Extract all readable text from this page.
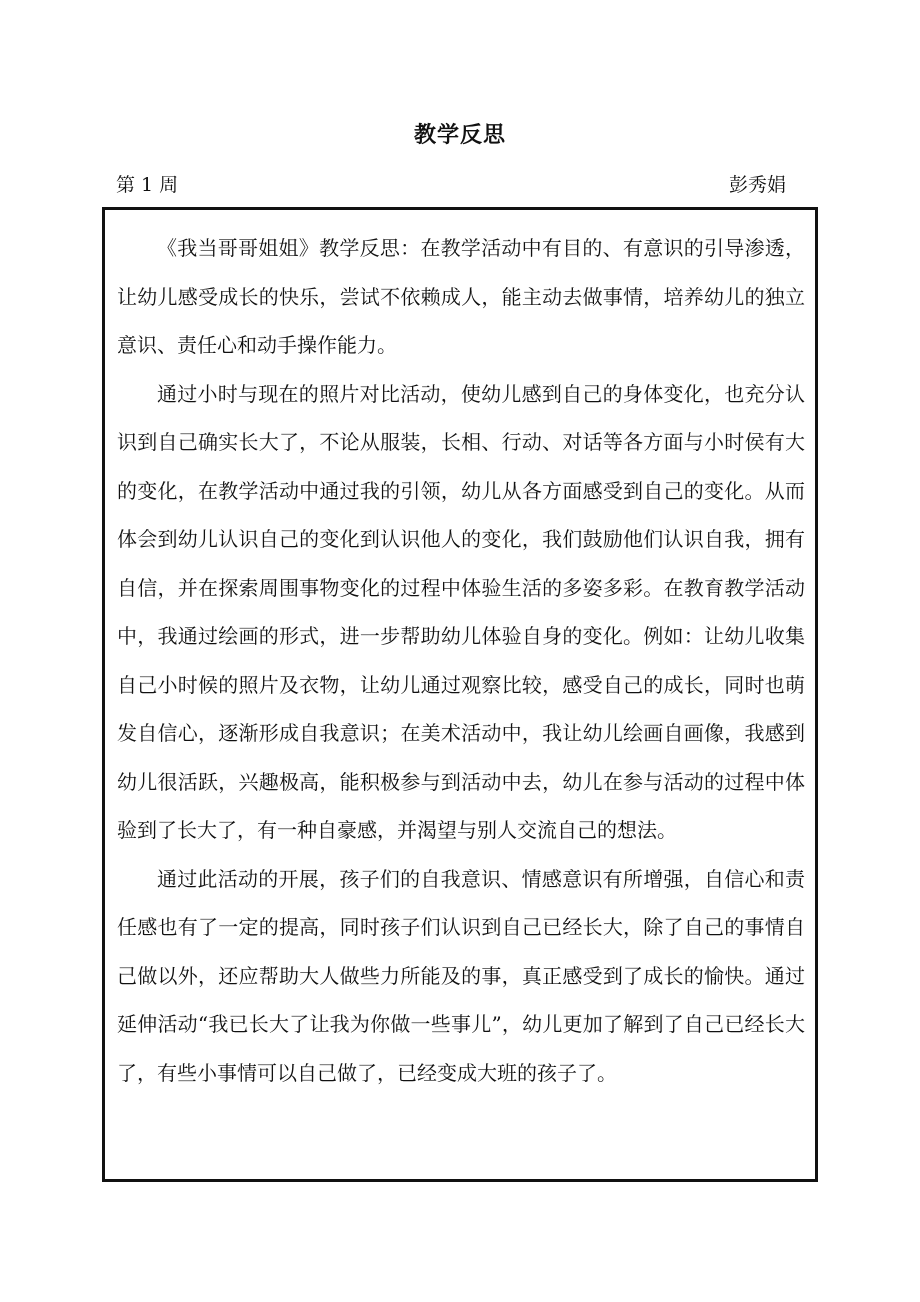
教学反思
第 1 周	彭秀娟

《我当哥哥姐姐》教学反思：在教学活动中有目的、有意识的引导渗透，让幼儿感受成长的快乐，尝试不依赖成人，能主动去做事情，培养幼儿的独立意识、责任心和动手操作能力。

通过小时与现在的照片对比活动，使幼儿感到自己的身体变化，也充分认识到自己确实长大了，不论从服装，长相、行动、对话等各方面与小时侯有大的变化，在教学活动中通过我的引领，幼儿从各方面感受到自己的变化。从而体会到幼儿认识自己的变化到认识他人的变化，我们鼓励他们认识自我，拥有自信，并在探索周围事物变化的过程中体验生活的多姿多彩。在教育教学活动中，我通过绘画的形式，进一步帮助幼儿体验自身的变化。例如：让幼儿收集自己小时候的照片及衣物，让幼儿通过观察比较，感受自己的成长，同时也萌发自信心，逐渐形成自我意识；在美术活动中，我让幼儿绘画自画像，我感到幼儿很活跃，兴趣极高，能积极参与到活动中去，幼儿在参与活动的过程中体验到了长大了，有一种自豪感，并渴望与别人交流自己的想法。

通过此活动的开展，孩子们的自我意识、情感意识有所增强，自信心和责任感也有了一定的提高，同时孩子们认识到自己已经长大，除了自己的事情自己做以外，还应帮助大人做些力所能及的事，真正感受到了成长的愉快。通过延伸活动“我已长大了让我为你做一些事儿”，幼儿更加了解到了自己已经长大了，有些小事情可以自己做了，已经变成大班的孩子了。
